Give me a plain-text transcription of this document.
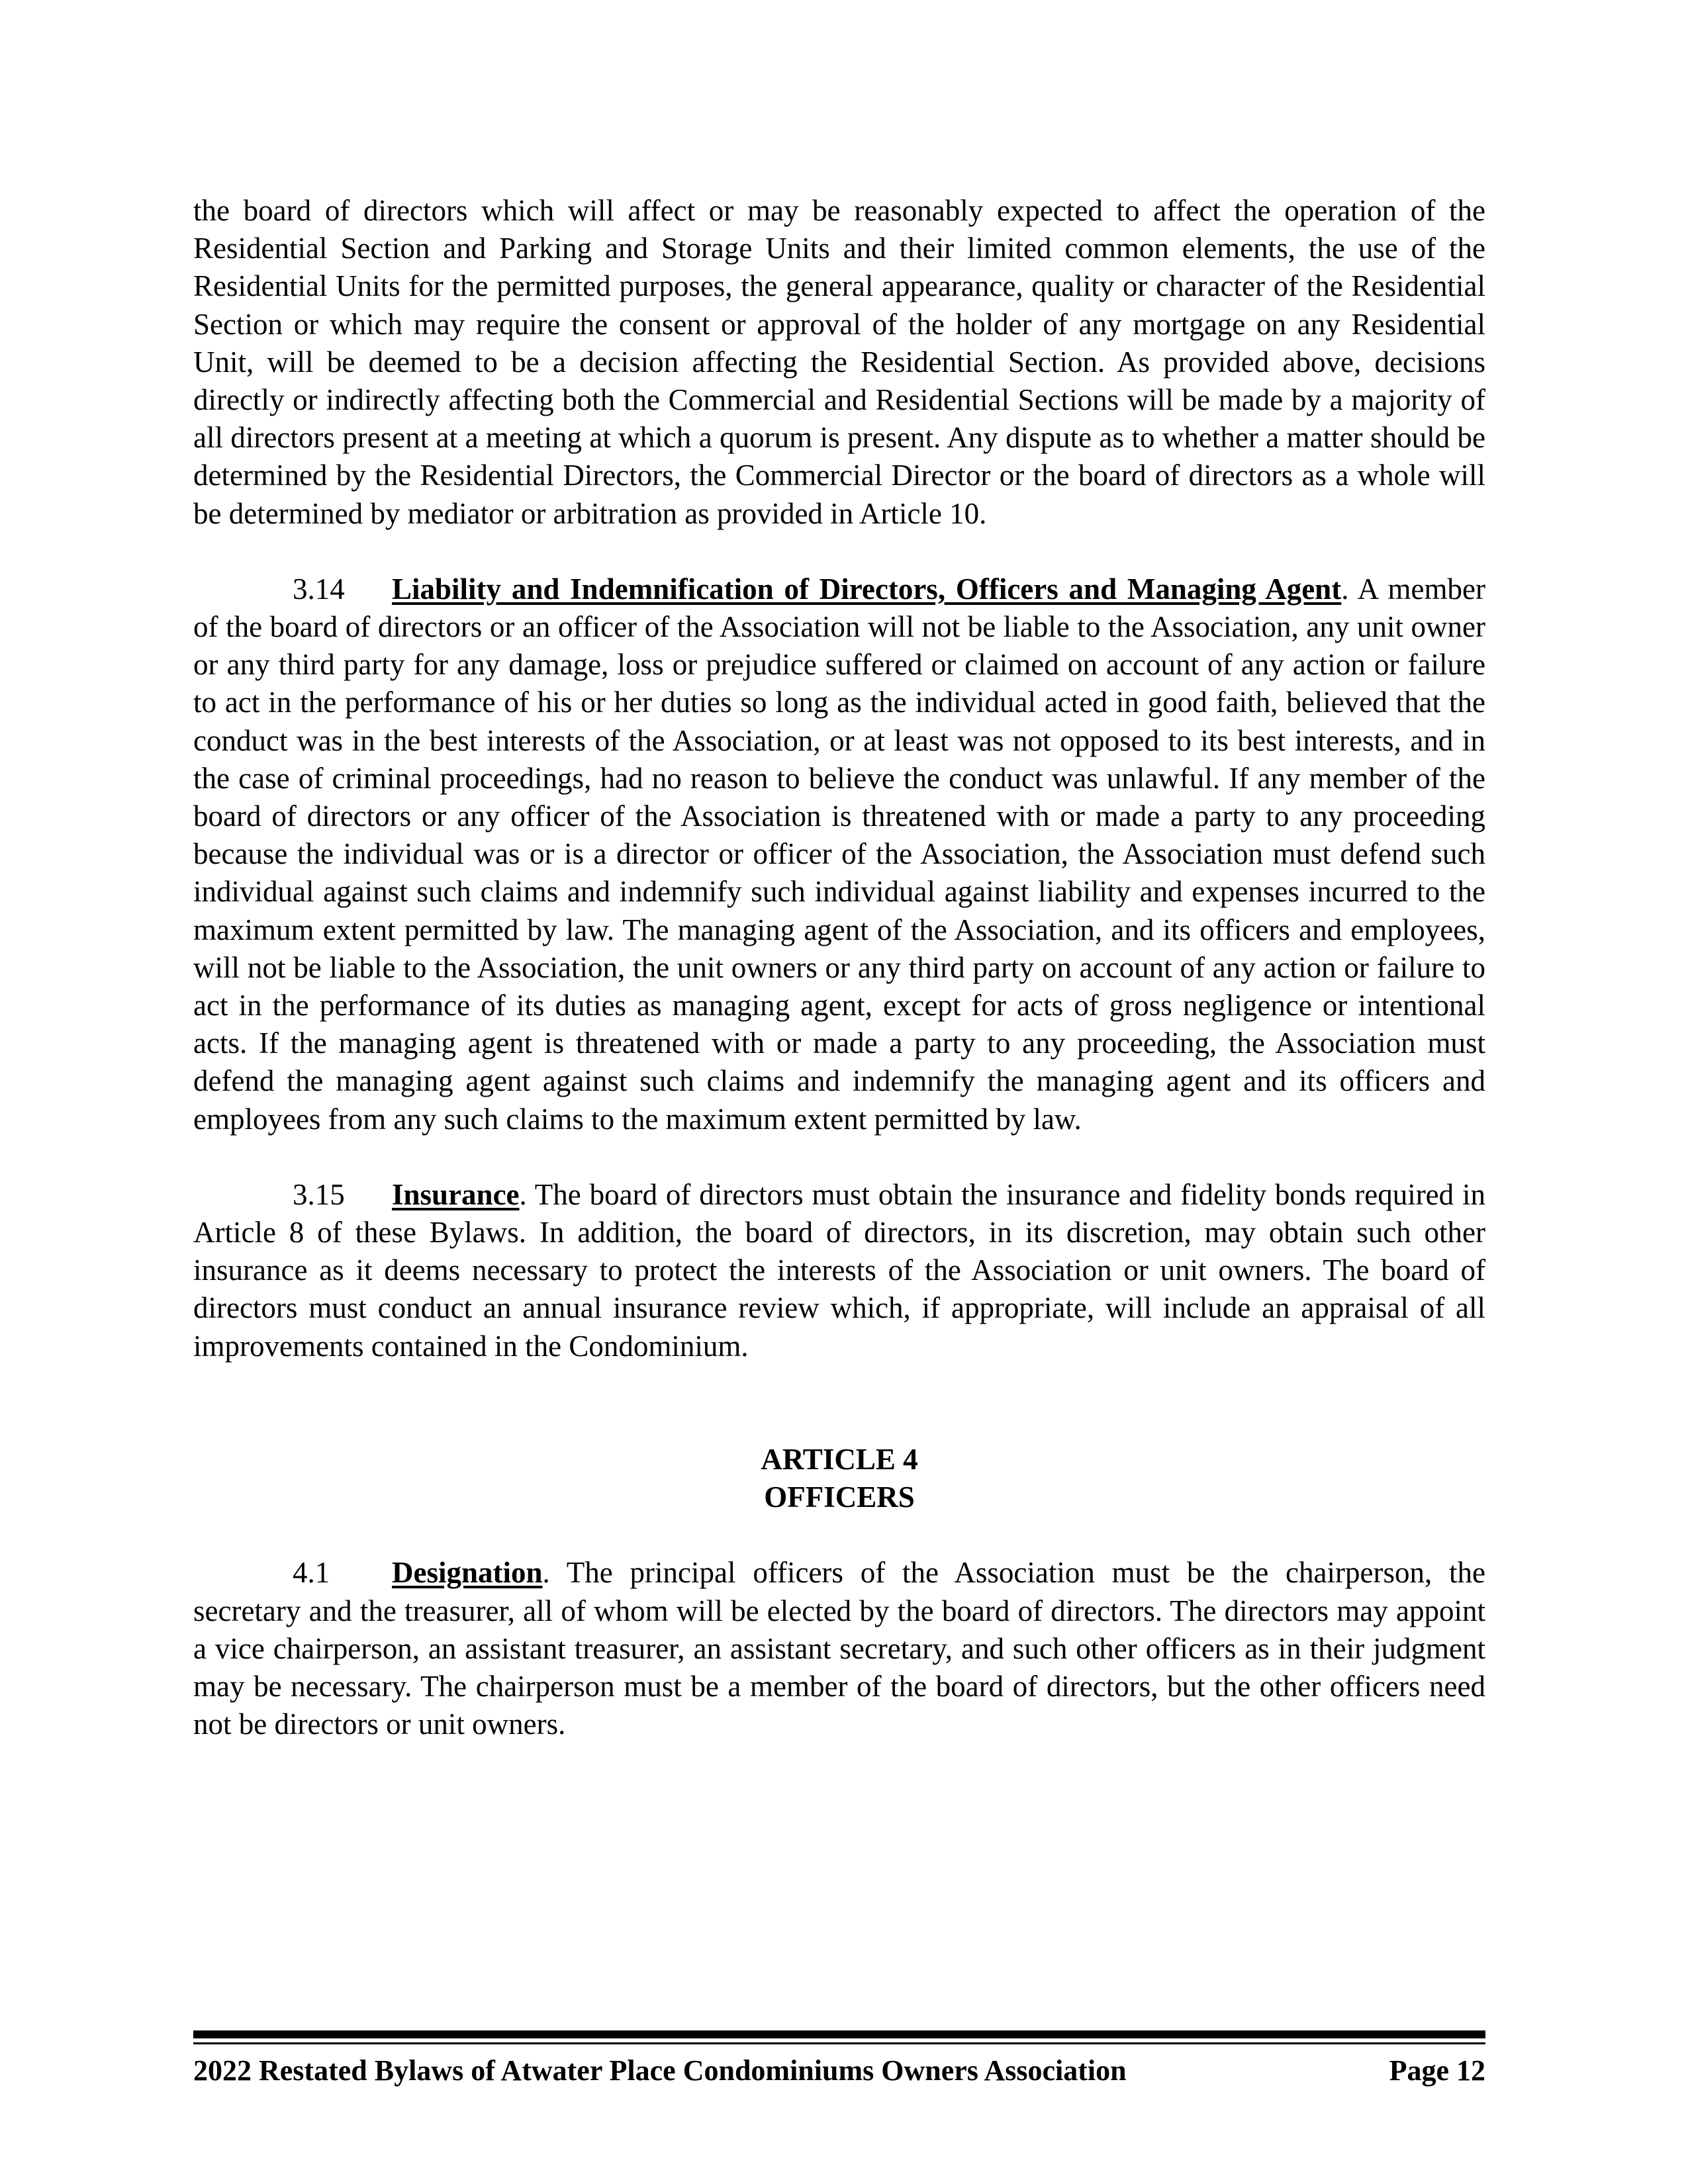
the board of directors which will affect or may be reasonably expected to affect the operation of the Residential Section and Parking and Storage Units and their limited common elements, the use of the Residential Units for the permitted purposes, the general appearance, quality or character of the Residential Section or which may require the consent or approval of the holder of any mortgage on any Residential Unit, will be deemed to be a decision affecting the Residential Section. As provided above, decisions directly or indirectly affecting both the Commercial and Residential Sections will be made by a majority of all directors present at a meeting at which a quorum is present. Any dispute as to whether a matter should be determined by the Residential Directors, the Commercial Director or the board of directors as a whole will be determined by mediator or arbitration as provided in Article 10.

3.14 Liability and Indemnification of Directors, Officers and Managing Agent. A member of the board of directors or an officer of the Association will not be liable to the Association, any unit owner or any third party for any damage, loss or prejudice suffered or claimed on account of any action or failure to act in the performance of his or her duties so long as the individual acted in good faith, believed that the conduct was in the best interests of the Association, or at least was not opposed to its best interests, and in the case of criminal proceedings, had no reason to believe the conduct was unlawful. If any member of the board of directors or any officer of the Association is threatened with or made a party to any proceeding because the individual was or is a director or officer of the Association, the Association must defend such individual against such claims and indemnify such individual against liability and expenses incurred to the maximum extent permitted by law. The managing agent of the Association, and its officers and employees, will not be liable to the Association, the unit owners or any third party on account of any action or failure to act in the performance of its duties as managing agent, except for acts of gross negligence or intentional acts. If the managing agent is threatened with or made a party to any proceeding, the Association must defend the managing agent against such claims and indemnify the managing agent and its officers and employees from any such claims to the maximum extent permitted by law.

3.15 Insurance. The board of directors must obtain the insurance and fidelity bonds required in Article 8 of these Bylaws. In addition, the board of directors, in its discretion, may obtain such other insurance as it deems necessary to protect the interests of the Association or unit owners. The board of directors must conduct an annual insurance review which, if appropriate, will include an appraisal of all improvements contained in the Condominium.

ARTICLE 4
OFFICERS

4.1 Designation. The principal officers of the Association must be the chairperson, the secretary and the treasurer, all of whom will be elected by the board of directors. The directors may appoint a vice chairperson, an assistant treasurer, an assistant secretary, and such other officers as in their judgment may be necessary. The chairperson must be a member of the board of directors, but the other officers need not be directors or unit owners.

2022 Restated Bylaws of Atwater Place Condominiums Owners Association	Page 12
